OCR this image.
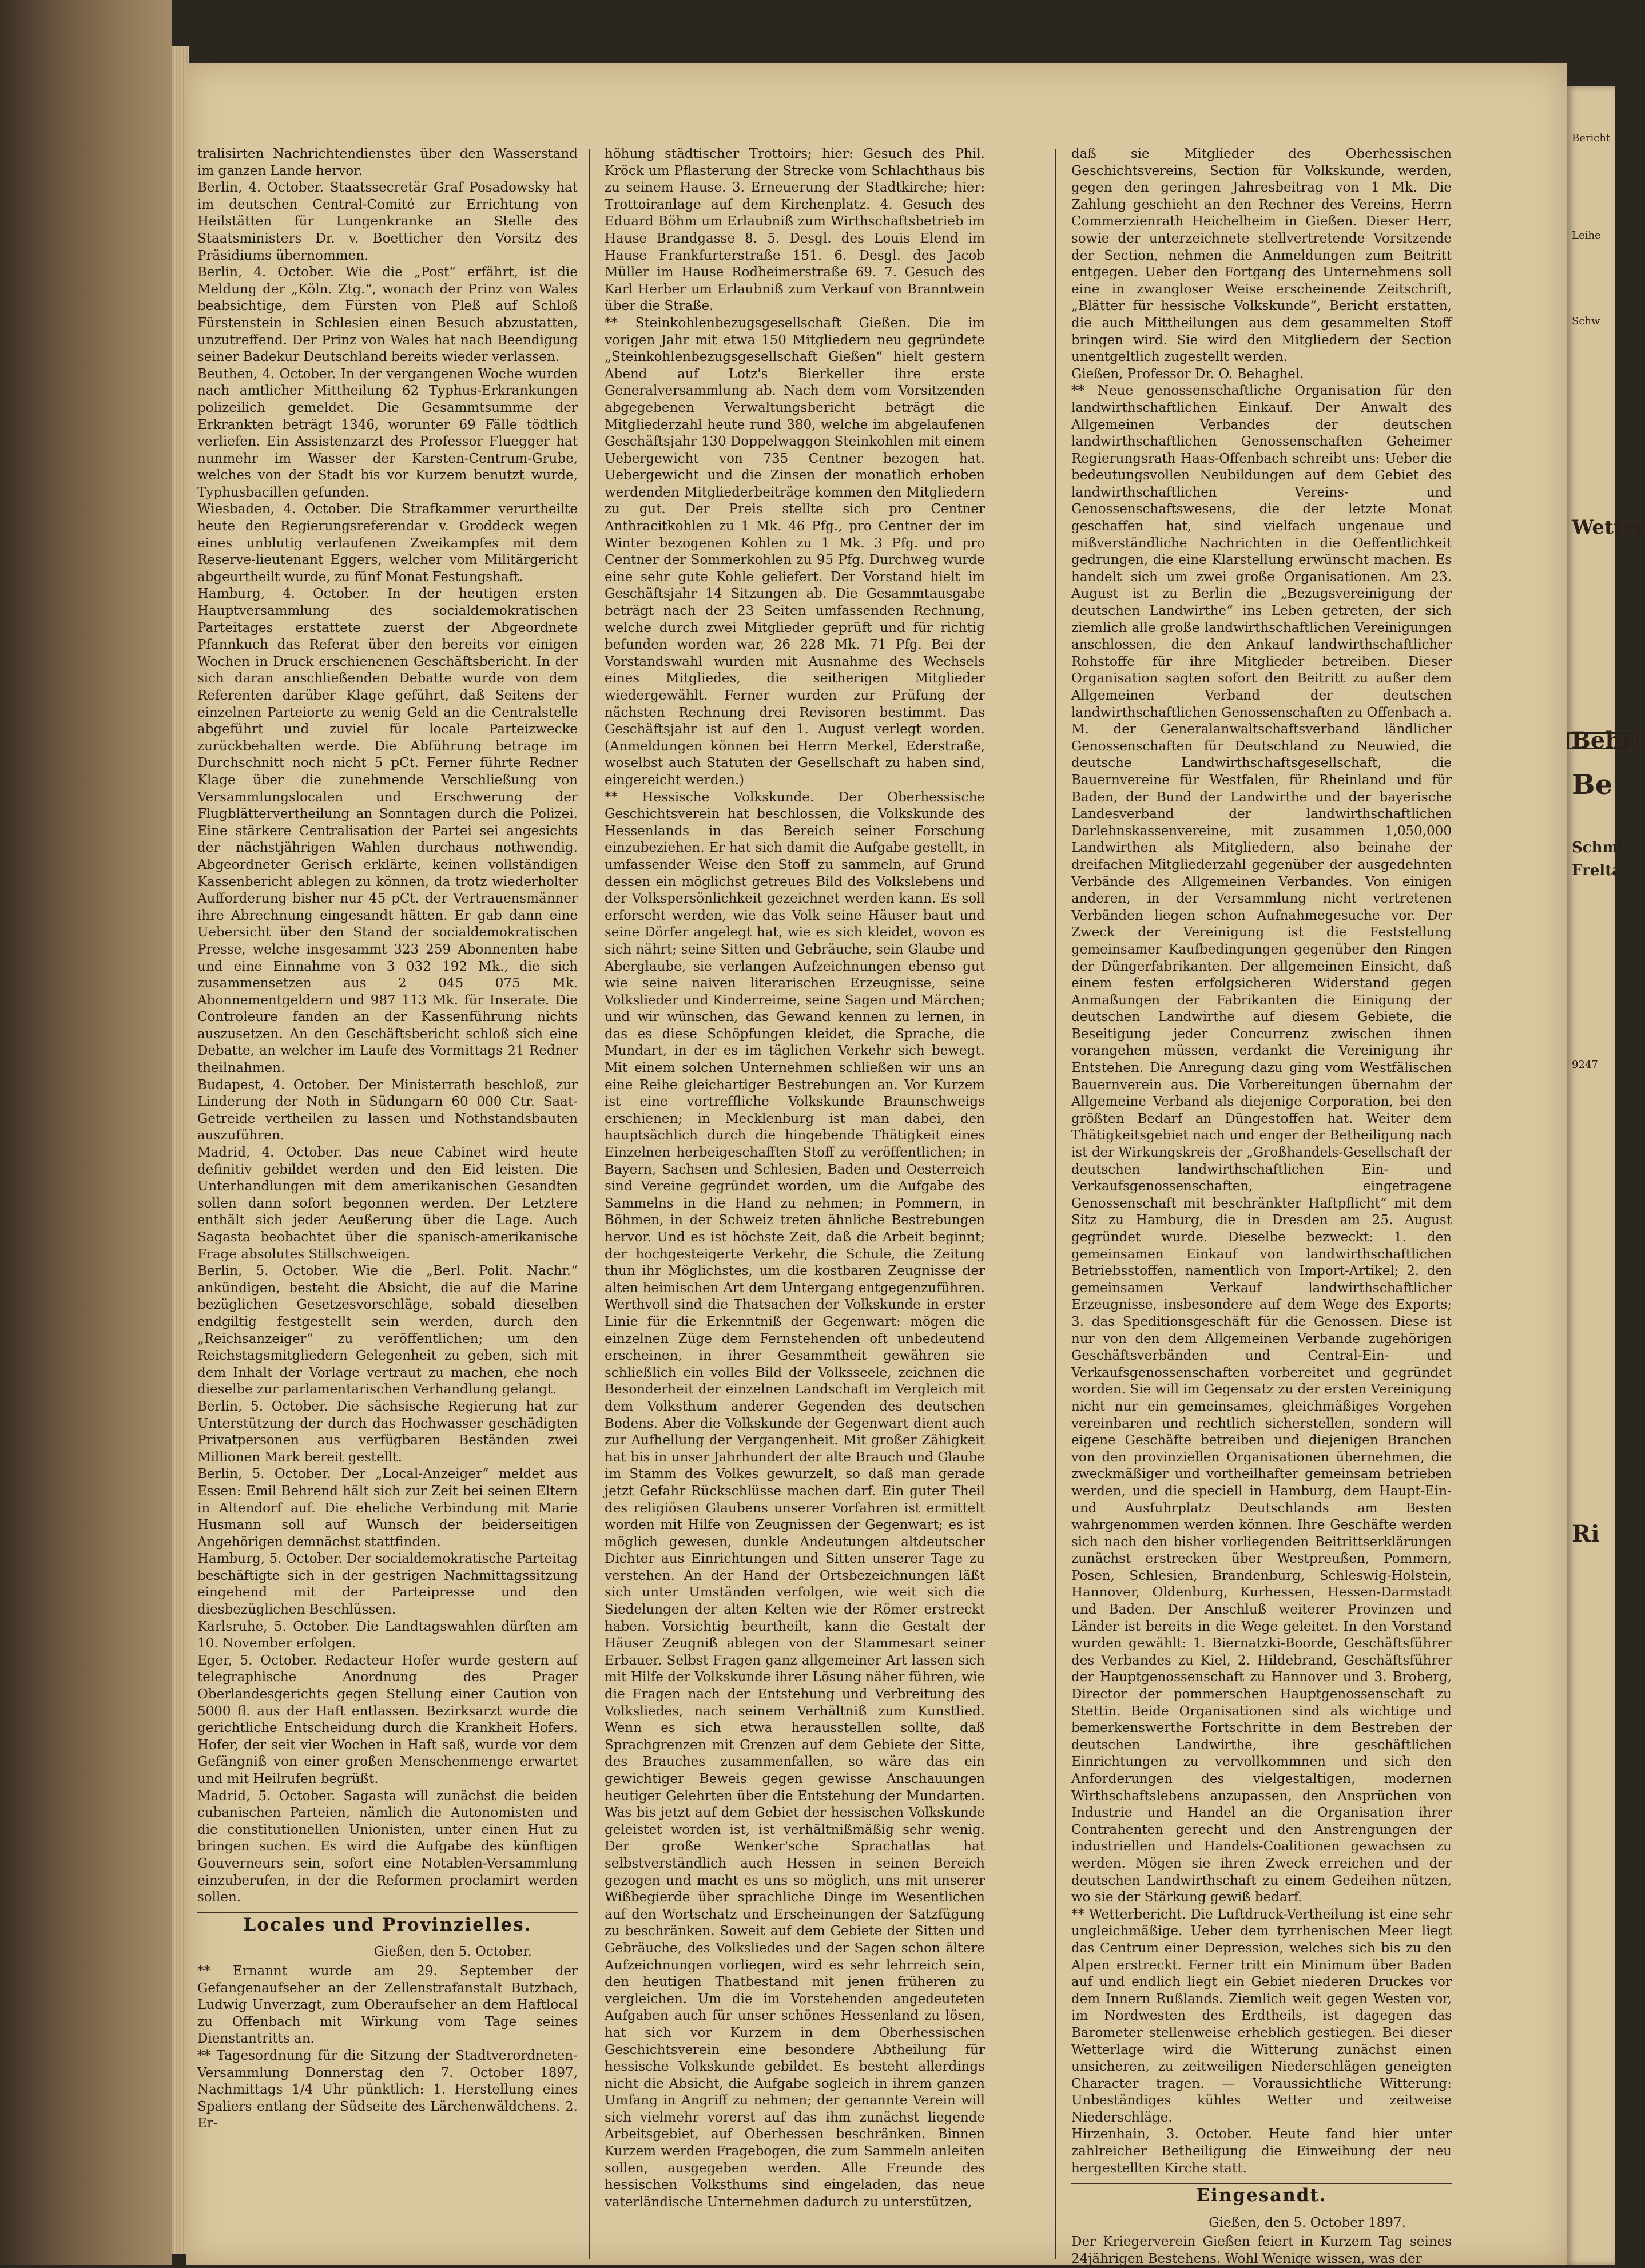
tralisirten Nachrichtendienstes über den Wasserstand im ganzen Lande hervor.

Berlin, 4. October. Staatssecretär Graf Posadowsky hat im deutschen Central-Comité zur Errichtung von Heilstätten für Lungenkranke an Stelle des Staatsministers Dr. v. Boetticher den Vorsitz des Präsidiums übernommen.

Berlin, 4. October. Wie die „Post“ erfährt, ist die Meldung der „Köln. Ztg.“, wonach der Prinz von Wales beabsichtige, dem Fürsten von Pleß auf Schloß Fürstenstein in Schlesien einen Besuch abzustatten, unzutreffend. Der Prinz von Wales hat nach Beendigung seiner Badekur Deutschland bereits wieder verlassen.

Beuthen, 4. October. In der vergangenen Woche wurden nach amtlicher Mittheilung 62 Typhus-Erkrankungen polizeilich gemeldet. Die Gesammtsumme der Erkrankten beträgt 1346, worunter 69 Fälle tödtlich verliefen. Ein Assistenzarzt des Professor Fluegger hat nunmehr im Wasser der Karsten-Centrum-Grube, welches von der Stadt bis vor Kurzem benutzt wurde, Typhusbacillen gefunden.

Wiesbaden, 4. October. Die Strafkammer verurtheilte heute den Regierungsreferendar v. Groddeck wegen eines unblutig verlaufenen Zweikampfes mit dem Reserve-lieutenant Eggers, welcher vom Militärgericht abgeurtheilt wurde, zu fünf Monat Festungshaft.

Hamburg, 4. October. In der heutigen ersten Hauptversammlung des socialdemokratischen Parteitages erstattete zuerst der Abgeordnete Pfannkuch das Referat über den bereits vor einigen Wochen in Druck erschienenen Geschäftsbericht. In der sich daran anschließenden Debatte wurde von dem Referenten darüber Klage geführt, daß Seitens der einzelnen Parteiorte zu wenig Geld an die Centralstelle abgeführt und zuviel für locale Parteizwecke zurückbehalten werde. Die Abführung betrage im Durchschnitt noch nicht 5 pCt. Ferner führte Redner Klage über die zunehmende Verschließung von Versammlungslocalen und Erschwerung der Flugblättervertheilung an Sonntagen durch die Polizei. Eine stärkere Centralisation der Partei sei angesichts der nächstjährigen Wahlen durchaus nothwendig. Abgeordneter Gerisch erklärte, keinen vollständigen Kassenbericht ablegen zu können, da trotz wiederholter Aufforderung bisher nur 45 pCt. der Vertrauensmänner ihre Abrechnung eingesandt hätten. Er gab dann eine Uebersicht über den Stand der socialdemokratischen Presse, welche insgesammt 323 259 Abonnenten habe und eine Einnahme von 3 032 192 Mk., die sich zusammensetzen aus 2 045 075 Mk. Abonnementgeldern und 987 113 Mk. für Inserate. Die Controleure fanden an der Kassenführung nichts auszusetzen. An den Geschäftsbericht schloß sich eine Debatte, an welcher im Laufe des Vormittags 21 Redner theilnahmen.

Budapest, 4. October. Der Ministerrath beschloß, zur Linderung der Noth in Südungarn 60 000 Ctr. Saat-Getreide vertheilen zu lassen und Nothstandsbauten auszuführen.

Madrid, 4. October. Das neue Cabinet wird heute definitiv gebildet werden und den Eid leisten. Die Unterhandlungen mit dem amerikanischen Gesandten sollen dann sofort begonnen werden. Der Letztere enthält sich jeder Aeußerung über die Lage. Auch Sagasta beobachtet über die spanisch-amerikanische Frage absolutes Stillschweigen.

Berlin, 5. October. Wie die „Berl. Polit. Nachr.“ ankündigen, besteht die Absicht, die auf die Marine bezüglichen Gesetzesvorschläge, sobald dieselben endgiltig festgestellt sein werden, durch den „Reichsanzeiger“ zu veröffentlichen; um den Reichstagsmitgliedern Gelegenheit zu geben, sich mit dem Inhalt der Vorlage vertraut zu machen, ehe noch dieselbe zur parlamentarischen Verhandlung gelangt.

Berlin, 5. October. Die sächsische Regierung hat zur Unterstützung der durch das Hochwasser geschädigten Privatpersonen aus verfügbaren Beständen zwei Millionen Mark bereit gestellt.

Berlin, 5. October. Der „Local-Anzeiger“ meldet aus Essen: Emil Behrend hält sich zur Zeit bei seinen Eltern in Altendorf auf. Die eheliche Verbindung mit Marie Husmann soll auf Wunsch der beiderseitigen Angehörigen demnächst stattfinden.

Hamburg, 5. October. Der socialdemokratische Parteitag beschäftigte sich in der gestrigen Nachmittagssitzung eingehend mit der Parteipresse und den diesbezüglichen Beschlüssen.

Karlsruhe, 5. October. Die Landtagswahlen dürften am 10. November erfolgen.

Eger, 5. October. Redacteur Hofer wurde gestern auf telegraphische Anordnung des Prager Oberlandesgerichts gegen Stellung einer Caution von 5000 fl. aus der Haft entlassen. Bezirksarzt wurde die gerichtliche Entscheidung durch die Krankheit Hofers. Hofer, der seit vier Wochen in Haft saß, wurde vor dem Gefängniß von einer großen Menschenmenge erwartet und mit Heilrufen begrüßt.

Madrid, 5. October. Sagasta will zunächst die beiden cubanischen Parteien, nämlich die Autonomisten und die constitutionellen Unionisten, unter einen Hut zu bringen suchen. Es wird die Aufgabe des künftigen Gouverneurs sein, sofort eine Notablen-Versammlung einzuberufen, in der die Reformen proclamirt werden sollen.

Locales und Provinzielles.
Gießen, den 5. October.

** Ernannt wurde am 29. September der Gefangenaufseher an der Zellenstrafanstalt Butzbach, Ludwig Unverzagt, zum Oberaufseher an dem Haftlocal zu Offenbach mit Wirkung vom Tage seines Dienstantritts an.

** Tagesordnung für die Sitzung der Stadtverordneten-Versammlung Donnerstag den 7. October 1897, Nachmittags 1/4 Uhr pünktlich: 1. Herstellung eines Spaliers entlang der Südseite des Lärchenwäldchens. 2. Er-

höhung städtischer Trottoirs; hier: Gesuch des Phil. Kröck um Pflasterung der Strecke vom Schlachthaus bis zu seinem Hause. 3. Erneuerung der Stadtkirche; hier: Trottoiranlage auf dem Kirchenplatz. 4. Gesuch des Eduard Böhm um Erlaubniß zum Wirthschaftsbetrieb im Hause Brandgasse 8. 5. Desgl. des Louis Elend im Hause Frankfurterstraße 151. 6. Desgl. des Jacob Müller im Hause Rodheimerstraße 69. 7. Gesuch des Karl Herber um Erlaubniß zum Verkauf von Branntwein über die Straße.

** Steinkohlenbezugsgesellschaft Gießen. Die im vorigen Jahr mit etwa 150 Mitgliedern neu gegründete „Steinkohlenbezugsgesellschaft Gießen“ hielt gestern Abend auf Lotz's Bierkeller ihre erste Generalversammlung ab. Nach dem vom Vorsitzenden abgegebenen Verwaltungsbericht beträgt die Mitgliederzahl heute rund 380, welche im abgelaufenen Geschäftsjahr 130 Doppelwaggon Steinkohlen mit einem Uebergewicht von 735 Centner bezogen hat. Uebergewicht und die Zinsen der monatlich erhoben werdenden Mitgliederbeiträge kommen den Mitgliedern zu gut. Der Preis stellte sich pro Centner Anthracitkohlen zu 1 Mk. 46 Pfg., pro Centner der im Winter bezogenen Kohlen zu 1 Mk. 3 Pfg. und pro Centner der Sommerkohlen zu 95 Pfg. Durchweg wurde eine sehr gute Kohle geliefert. Der Vorstand hielt im Geschäftsjahr 14 Sitzungen ab. Die Gesammtausgabe beträgt nach der 23 Seiten umfassenden Rechnung, welche durch zwei Mitglieder geprüft und für richtig befunden worden war, 26 228 Mk. 71 Pfg. Bei der Vorstandswahl wurden mit Ausnahme des Wechsels eines Mitgliedes, die seitherigen Mitglieder wiedergewählt. Ferner wurden zur Prüfung der nächsten Rechnung drei Revisoren bestimmt. Das Geschäftsjahr ist auf den 1. August verlegt worden. (Anmeldungen können bei Herrn Merkel, Ederstraße, woselbst auch Statuten der Gesellschaft zu haben sind, eingereicht werden.)

** Hessische Volkskunde. Der Oberhessische Geschichtsverein hat beschlossen, die Volkskunde des Hessenlands in das Bereich seiner Forschung einzubeziehen. Er hat sich damit die Aufgabe gestellt, in umfassender Weise den Stoff zu sammeln, auf Grund dessen ein möglichst getreues Bild des Volkslebens und der Volkspersönlichkeit gezeichnet werden kann. Es soll erforscht werden, wie das Volk seine Häuser baut und seine Dörfer angelegt hat, wie es sich kleidet, wovon es sich nährt; seine Sitten und Gebräuche, sein Glaube und Aberglaube, sie verlangen Aufzeichnungen ebenso gut wie seine naiven literarischen Erzeugnisse, seine Volkslieder und Kinderreime, seine Sagen und Märchen; und wir wünschen, das Gewand kennen zu lernen, in das es diese Schöpfungen kleidet, die Sprache, die Mundart, in der es im täglichen Verkehr sich bewegt. Mit einem solchen Unternehmen schließen wir uns an eine Reihe gleichartiger Bestrebungen an. Vor Kurzem ist eine vortreffliche Volkskunde Braunschweigs erschienen; in Mecklenburg ist man dabei, den hauptsächlich durch die hingebende Thätigkeit eines Einzelnen herbeigeschafften Stoff zu veröffentlichen; in Bayern, Sachsen und Schlesien, Baden und Oesterreich sind Vereine gegründet worden, um die Aufgabe des Sammelns in die Hand zu nehmen; in Pommern, in Böhmen, in der Schweiz treten ähnliche Bestrebungen hervor. Und es ist höchste Zeit, daß die Arbeit beginnt; der hochgesteigerte Verkehr, die Schule, die Zeitung thun ihr Möglichstes, um die kostbaren Zeugnisse der alten heimischen Art dem Untergang entgegenzuführen. Werthvoll sind die Thatsachen der Volkskunde in erster Linie für die Erkenntniß der Gegenwart: mögen die einzelnen Züge dem Fernstehenden oft unbedeutend erscheinen, in ihrer Gesammtheit gewähren sie schließlich ein volles Bild der Volksseele, zeichnen die Besonderheit der einzelnen Landschaft im Vergleich mit dem Volksthum anderer Gegenden des deutschen Bodens. Aber die Volkskunde der Gegenwart dient auch zur Aufhellung der Vergangenheit. Mit großer Zähigkeit hat bis in unser Jahrhundert der alte Brauch und Glaube im Stamm des Volkes gewurzelt, so daß man gerade jetzt Gefahr Rückschlüsse machen darf. Ein guter Theil des religiösen Glaubens unserer Vorfahren ist ermittelt worden mit Hilfe von Zeugnissen der Gegenwart; es ist möglich gewesen, dunkle Andeutungen altdeutscher Dichter aus Einrichtungen und Sitten unserer Tage zu verstehen. An der Hand der Ortsbezeichnungen läßt sich unter Umständen verfolgen, wie weit sich die Siedelungen der alten Kelten wie der Römer erstreckt haben. Vorsichtig beurtheilt, kann die Gestalt der Häuser Zeugniß ablegen von der Stammesart seiner Erbauer. Selbst Fragen ganz allgemeiner Art lassen sich mit Hilfe der Volkskunde ihrer Lösung näher führen, wie die Fragen nach der Entstehung und Verbreitung des Volksliedes, nach seinem Verhältniß zum Kunstlied. Wenn es sich etwa herausstellen sollte, daß Sprachgrenzen mit Grenzen auf dem Gebiete der Sitte, des Brauches zusammenfallen, so wäre das ein gewichtiger Beweis gegen gewisse Anschauungen heutiger Gelehrten über die Entstehung der Mundarten. Was bis jetzt auf dem Gebiet der hessischen Volkskunde geleistet worden ist, ist verhältnißmäßig sehr wenig. Der große Wenker'sche Sprachatlas hat selbstverständlich auch Hessen in seinen Bereich gezogen und macht es uns so möglich, uns mit unserer Wißbegierde über sprachliche Dinge im Wesentlichen auf den Wortschatz und Erscheinungen der Satzfügung zu beschränken. Soweit auf dem Gebiete der Sitten und Gebräuche, des Volksliedes und der Sagen schon ältere Aufzeichnungen vorliegen, wird es sehr lehrreich sein, den heutigen Thatbestand mit jenen früheren zu vergleichen. Um die im Vorstehenden angedeuteten Aufgaben auch für unser schönes Hessenland zu lösen, hat sich vor Kurzem in dem Oberhessischen Geschichtsverein eine besondere Abtheilung für hessische Volkskunde gebildet. Es besteht allerdings nicht die Absicht, die Aufgabe sogleich in ihrem ganzen Umfang in Angriff zu nehmen; der genannte Verein will sich vielmehr vorerst auf das ihm zunächst liegende Arbeitsgebiet, auf Oberhessen beschränken. Binnen Kurzem werden Fragebogen, die zum Sammeln anleiten sollen, ausgegeben werden. Alle Freunde des hessischen Volksthums sind eingeladen, das neue vaterländische Unternehmen dadurch zu unterstützen,

daß sie Mitglieder des Oberhessischen Geschichtsvereins, Section für Volkskunde, werden, gegen den geringen Jahresbeitrag von 1 Mk. Die Zahlung geschieht an den Rechner des Vereins, Herrn Commerzienrath Heichelheim in Gießen. Dieser Herr, sowie der unterzeichnete stellvertretende Vorsitzende der Section, nehmen die Anmeldungen zum Beitritt entgegen. Ueber den Fortgang des Unternehmens soll eine in zwangloser Weise erscheinende Zeitschrift, „Blätter für hessische Volkskunde“, Bericht erstatten, die auch Mittheilungen aus dem gesammelten Stoff bringen wird. Sie wird den Mitgliedern der Section unentgeltlich zugestellt werden.

Gießen, Professor Dr. O. Behaghel.

** Neue genossenschaftliche Organisation für den landwirthschaftlichen Einkauf. Der Anwalt des Allgemeinen Verbandes der deutschen landwirthschaftlichen Genossenschaften Geheimer Regierungsrath Haas-Offenbach schreibt uns: Ueber die bedeutungsvollen Neubildungen auf dem Gebiet des landwirthschaftlichen Vereins- und Genossenschaftswesens, die der letzte Monat geschaffen hat, sind vielfach ungenaue und mißverständliche Nachrichten in die Oeffentlichkeit gedrungen, die eine Klarstellung erwünscht machen. Es handelt sich um zwei große Organisationen. Am 23. August ist zu Berlin die „Bezugsvereinigung der deutschen Landwirthe“ ins Leben getreten, der sich ziemlich alle große landwirthschaftlichen Vereinigungen anschlossen, die den Ankauf landwirthschaftlicher Rohstoffe für ihre Mitglieder betreiben. Dieser Organisation sagten sofort den Beitritt zu außer dem Allgemeinen Verband der deutschen landwirthschaftlichen Genossenschaften zu Offenbach a. M. der Generalanwaltschaftsverband ländlicher Genossenschaften für Deutschland zu Neuwied, die deutsche Landwirthschaftsgesellschaft, die Bauernvereine für Westfalen, für Rheinland und für Baden, der Bund der Landwirthe und der bayerische Landesverband der landwirthschaftlichen Darlehnskassenvereine, mit zusammen 1,050,000 Landwirthen als Mitgliedern, also beinahe der dreifachen Mitgliederzahl gegenüber der ausgedehnten Verbände des Allgemeinen Verbandes. Von einigen anderen, in der Versammlung nicht vertretenen Verbänden liegen schon Aufnahmegesuche vor. Der Zweck der Vereinigung ist die Feststellung gemeinsamer Kaufbedingungen gegenüber den Ringen der Düngerfabrikanten. Der allgemeinen Einsicht, daß einem festen erfolgsicheren Widerstand gegen Anmaßungen der Fabrikanten die Einigung der deutschen Landwirthe auf diesem Gebiete, die Beseitigung jeder Concurrenz zwischen ihnen vorangehen müssen, verdankt die Vereinigung ihr Entstehen. Die Anregung dazu ging vom Westfälischen Bauernverein aus. Die Vorbereitungen übernahm der Allgemeine Verband als diejenige Corporation, bei den größten Bedarf an Düngestoffen hat. Weiter dem Thätigkeitsgebiet nach und enger der Betheiligung nach ist der Wirkungskreis der „Großhandels-Gesellschaft der deutschen landwirthschaftlichen Ein- und Verkaufsgenossenschaften, eingetragene Genossenschaft mit beschränkter Haftpflicht“ mit dem Sitz zu Hamburg, die in Dresden am 25. August gegründet wurde. Dieselbe bezweckt: 1. den gemeinsamen Einkauf von landwirthschaftlichen Betriebsstoffen, namentlich von Import-Artikel; 2. den gemeinsamen Verkauf landwirthschaftlicher Erzeugnisse, insbesondere auf dem Wege des Exports; 3. das Speditionsgeschäft für die Genossen. Diese ist nur von den dem Allgemeinen Verbande zugehörigen Geschäftsverbänden und Central-Ein- und Verkaufsgenossenschaften vorbereitet und gegründet worden. Sie will im Gegensatz zu der ersten Vereinigung nicht nur ein gemeinsames, gleichmäßiges Vorgehen vereinbaren und rechtlich sicherstellen, sondern will eigene Geschäfte betreiben und diejenigen Branchen von den provinziellen Organisationen übernehmen, die zweckmäßiger und vortheilhafter gemeinsam betrieben werden, und die speciell in Hamburg, dem Haupt-Ein- und Ausfuhrplatz Deutschlands am Besten wahrgenommen werden können. Ihre Geschäfte werden sich nach den bisher vorliegenden Beitrittserklärungen zunächst erstrecken über Westpreußen, Pommern, Posen, Schlesien, Brandenburg, Schleswig-Holstein, Hannover, Oldenburg, Kurhessen, Hessen-Darmstadt und Baden. Der Anschluß weiterer Provinzen und Länder ist bereits in die Wege geleitet. In den Vorstand wurden gewählt: 1. Biernatzki-Boorde, Geschäftsführer des Verbandes zu Kiel, 2. Hildebrand, Geschäftsführer der Hauptgenossenschaft zu Hannover und 3. Broberg, Director der pommerschen Hauptgenossenschaft zu Stettin. Beide Organisationen sind als wichtige und bemerkenswerthe Fortschritte in dem Bestreben der deutschen Landwirthe, ihre geschäftlichen Einrichtungen zu vervollkommnen und sich den Anforderungen des vielgestaltigen, modernen Wirthschaftslebens anzupassen, den Ansprüchen von Industrie und Handel an die Organisation ihrer Contrahenten gerecht und den Anstrengungen der industriellen und Handels-Coalitionen gewachsen zu werden. Mögen sie ihren Zweck erreichen und der deutschen Landwirthschaft zu einem Gedeihen nützen, wo sie der Stärkung gewiß bedarf.

** Wetterbericht. Die Luftdruck-Vertheilung ist eine sehr ungleichmäßige. Ueber dem tyrrhenischen Meer liegt das Centrum einer Depression, welches sich bis zu den Alpen erstreckt. Ferner tritt ein Minimum über Baden auf und endlich liegt ein Gebiet niederen Druckes vor dem Innern Rußlands. Ziemlich weit gegen Westen vor, im Nordwesten des Erdtheils, ist dagegen das Barometer stellenweise erheblich gestiegen. Bei dieser Wetterlage wird die Witterung zunächst einen unsicheren, zu zeitweiligen Niederschlägen geneigten Character tragen. — Voraussichtliche Witterung: Unbeständiges kühles Wetter und zeitweise Niederschläge.

Hirzenhain, 3. October. Heute fand hier unter zahlreicher Betheiligung die Einweihung der neu hergestellten Kirche statt.

Eingesandt.
Gießen, den 5. October 1897.

Der Kriegerverein Gießen feiert in Kurzem Tag seines 24jährigen Bestehens. Wohl Wenige wissen, was der

Bericht
Leihe
Schw
Wetter
Behr
Be
Schmi
Frelta
9247
Ri
